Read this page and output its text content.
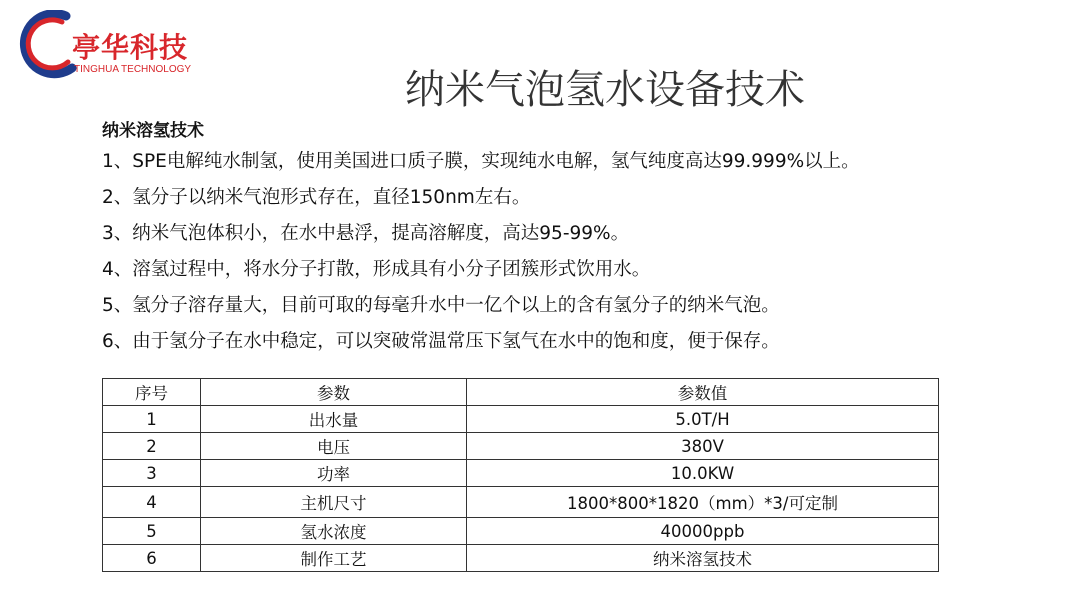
亭华科技
TINGHUA TECHNOLOGY	纳米气泡氢水设备技术
纳米溶氢技术
1、SPE电解纯水制氢，使用美国进口质子膜，实现纯水电解，氢气纯度高达99.999%以上。
2、氢分子以纳米气泡形式存在，直径150nm左右。
3、纳米气泡体积小，在水中悬浮，提高溶解度，高达95-99%。
4、溶氢过程中，将水分子打散，形成具有小分子团簇形式饮用水。
5、氢分子溶存量大，目前可取的每毫升水中一亿个以上的含有氢分子的纳米气泡。
6、由于氢分子在水中稳定，可以突破常温常压下氢气在水中的饱和度，便于保存。
序号	参数	参数值
1	出水量	5.0T/H
2	电压	380V
3	功率	10.0KW
4	主机尺寸	1800*800*1820（mm）*3/可定制
5	氢水浓度	40000ppb
6	制作工艺	纳米溶氢技术
